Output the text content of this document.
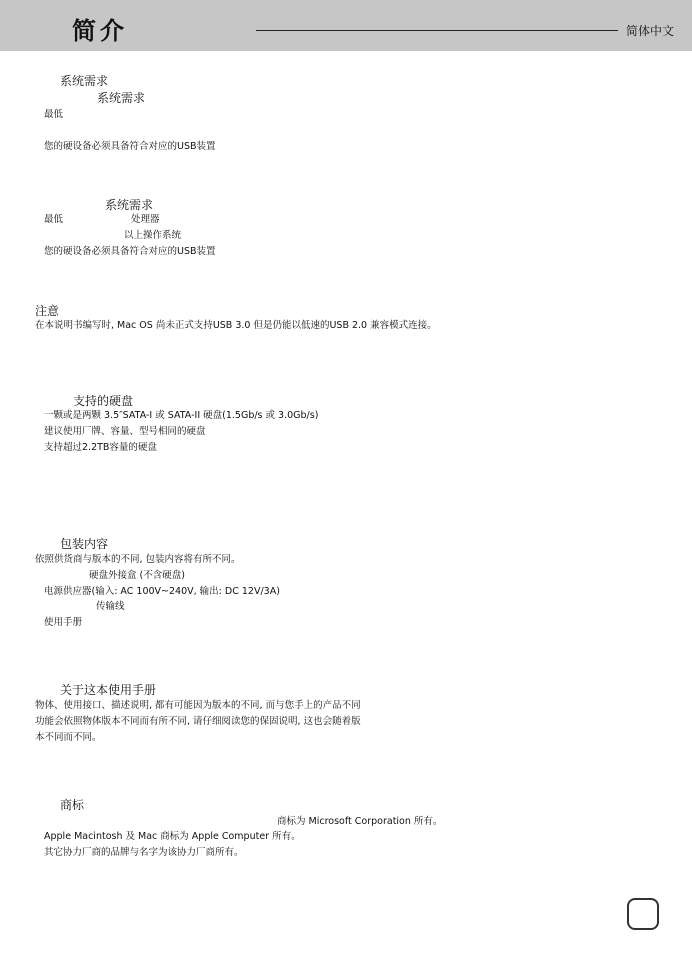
简介	简体中文
系统需求
系统需求
最低
您的硬设备必须具备符合对应的USB装置
系统需求
最低	处理器
以上操作系统
您的硬设备必须具备符合对应的USB装置
注意
在本说明书编写时, Mac OS 尚未正式支持USB 3.0 但是仍能以低速的USB 2.0 兼容模式连接。
支持的硬盘
一颗或是两颗 3.5″SATA-I 或 SATA-II 硬盘(1.5Gb/s 或 3.0Gb/s)
建议使用厂牌、容量、型号相同的硬盘
支持超过2.2TB容量的硬盘
包装内容
依照供货商与版本的不同, 包装内容将有所不同。
硬盘外接盒 (不含硬盘)
电源供应器(输入: AC 100V~240V, 输出: DC 12V/3A)
传输线
使用手册
关于这本使用手册
物体、使用接口、描述说明, 都有可能因为版本的不同, 而与您手上的产品不同
功能会依照物体版本不同而有所不同, 请仔细阅读您的保固说明, 这也会随着版
本不同而不同。
商标
商标为 Microsoft Corporation 所有。
Apple Macintosh 及 Mac 商标为 Apple Computer 所有。
其它协力厂商的品牌与名字为该协力厂商所有。
